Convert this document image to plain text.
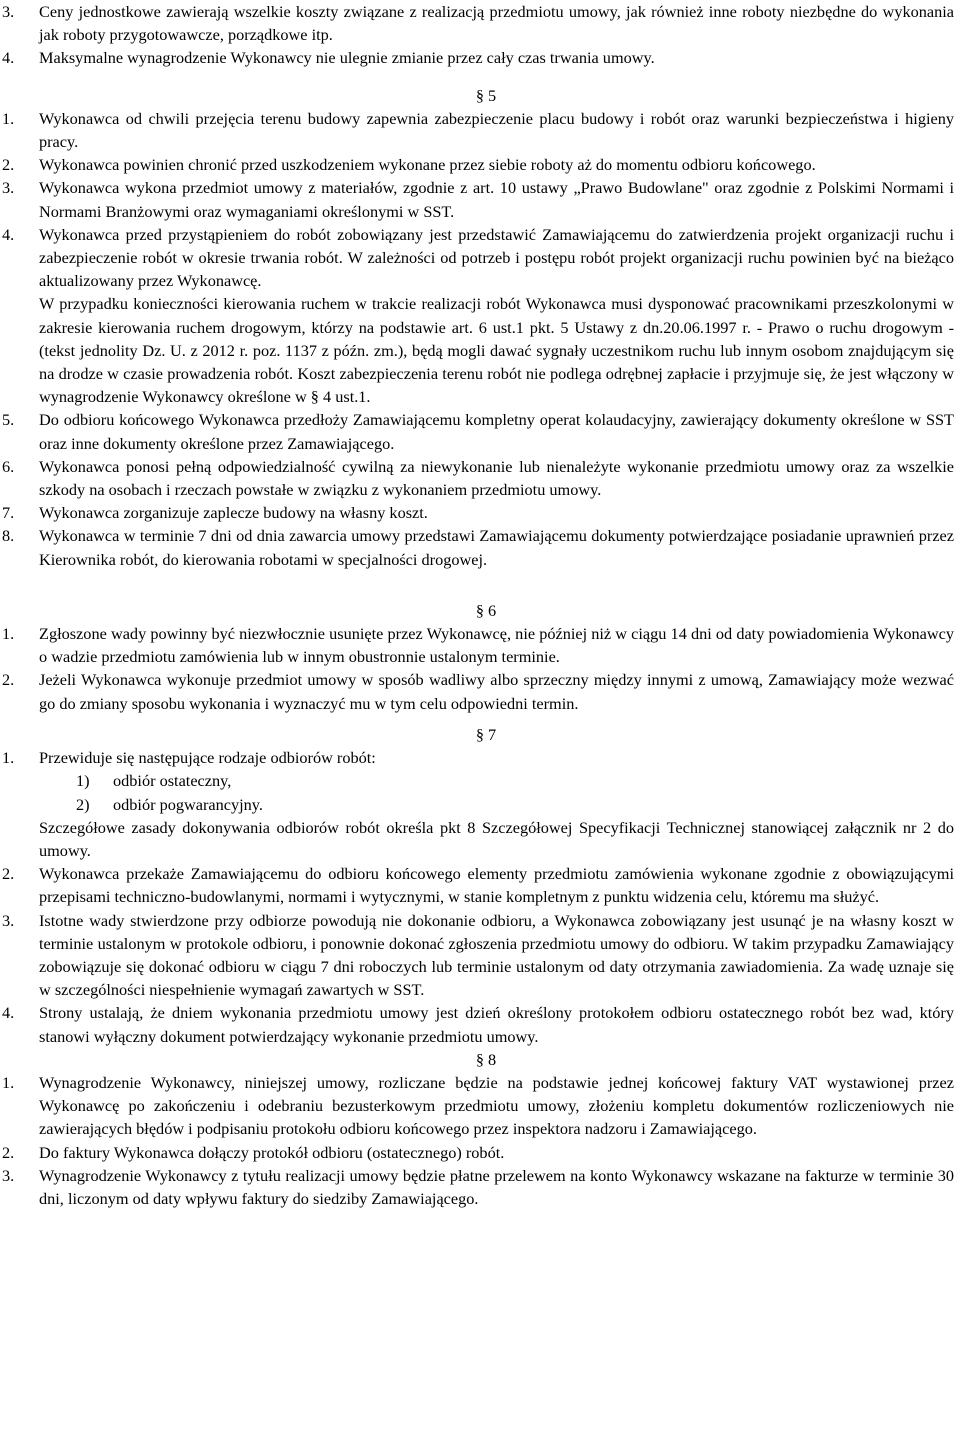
3. Ceny jednostkowe zawierają wszelkie koszty związane z realizacją przedmiotu umowy, jak również inne roboty niezbędne do wykonania jak roboty przygotowawcze, porządkowe itp.
4. Maksymalne wynagrodzenie Wykonawcy nie ulegnie zmianie przez cały czas trwania umowy.
§ 5
1. Wykonawca od chwili przejęcia terenu budowy zapewnia zabezpieczenie placu budowy i robót oraz warunki bezpieczeństwa i higieny pracy.
2. Wykonawca powinien chronić przed uszkodzeniem wykonane przez siebie roboty aż do momentu odbioru końcowego.
3. Wykonawca wykona przedmiot umowy z materiałów, zgodnie z art. 10 ustawy „Prawo Budowlane" oraz zgodnie z Polskimi Normami i Normami Branżowymi oraz wymaganiami określonymi w SST.
4. Wykonawca przed przystąpieniem do robót zobowiązany jest przedstawić Zamawiającemu do zatwierdzenia projekt organizacji ruchu i zabezpieczenie robót w okresie trwania robót. W zależności od potrzeb i postępu robót projekt organizacji ruchu powinien być na bieżąco aktualizowany przez Wykonawcę.
W przypadku konieczności kierowania ruchem w trakcie realizacji robót Wykonawca musi dysponować pracownikami przeszkolonymi w zakresie kierowania ruchem drogowym, którzy na podstawie art. 6 ust.1 pkt. 5 Ustawy z dn.20.06.1997 r. - Prawo o ruchu drogowym - (tekst jednolity Dz. U. z 2012 r. poz. 1137 z późn. zm.), będą mogli dawać sygnały uczestnikom ruchu lub innym osobom znajdującym się na drodze w czasie prowadzenia robót. Koszt zabezpieczenia terenu robót nie podlega odrębnej zapłacie i przyjmuje się, że jest włączony w wynagrodzenie Wykonawcy określone w § 4 ust.1.
5. Do odbioru końcowego Wykonawca przedłoży Zamawiającemu kompletny operat kolaudacyjny, zawierający dokumenty określone w SST oraz inne dokumenty określone przez Zamawiającego.
6. Wykonawca ponosi pełną odpowiedzialność cywilną za niewykonanie lub nienależyte wykonanie przedmiotu umowy oraz za wszelkie szkody na osobach i rzeczach powstałe w związku z wykonaniem przedmiotu umowy.
7. Wykonawca zorganizuje zaplecze budowy na własny koszt.
8. Wykonawca w terminie 7 dni od dnia zawarcia umowy przedstawi Zamawiającemu dokumenty potwierdzające posiadanie uprawnień przez Kierownika robót, do kierowania robotami w specjalności drogowej.
§ 6
1. Zgłoszone wady powinny być niezwłocznie usunięte przez Wykonawcę, nie później niż w ciągu 14 dni od daty powiadomienia Wykonawcy o wadzie przedmiotu zamówienia lub w innym obustronnie ustalonym terminie.
2. Jeżeli Wykonawca wykonuje przedmiot umowy w sposób wadliwy albo sprzeczny między innymi z umową, Zamawiający może wezwać go do zmiany sposobu wykonania i wyznaczyć mu w tym celu odpowiedni termin.
§ 7
1. Przewiduje się następujące rodzaje odbiorów robót:
1) odbiór ostateczny,
2) odbiór pogwarancyjny.
Szczegółowe zasady dokonywania odbiorów robót określa pkt 8 Szczegółowej Specyfikacji Technicznej stanowiącej załącznik nr 2 do umowy.
2. Wykonawca przekaże Zamawiającemu do odbioru końcowego elementy przedmiotu zamówienia wykonane zgodnie z obowiązującymi przepisami techniczno-budowlanymi, normami i wytycznymi, w stanie kompletnym z punktu widzenia celu, któremu ma służyć.
3. Istotne wady stwierdzone przy odbiorze powodują nie dokonanie odbioru, a Wykonawca zobowiązany jest usunąć je na własny koszt w terminie ustalonym w protokole odbioru, i ponownie dokonać zgłoszenia przedmiotu umowy do odbioru. W takim przypadku Zamawiający zobowiązuje się dokonać odbioru w ciągu 7 dni roboczych lub terminie ustalonym od daty otrzymania zawiadomienia. Za wadę uznaje się w szczególności niespełnienie wymagań zawartych w SST.
4. Strony ustalają, że dniem wykonania przedmiotu umowy jest dzień określony protokołem odbioru ostatecznego robót bez wad, który stanowi wyłączny dokument potwierdzający wykonanie przedmiotu umowy.
§ 8
1. Wynagrodzenie Wykonawcy, niniejszej umowy, rozliczane będzie na podstawie jednej końcowej faktury VAT wystawionej przez Wykonawcę po zakończeniu i odebraniu bezusterkowym przedmiotu umowy, złożeniu kompletu dokumentów rozliczeniowych nie zawierających błędów i podpisaniu protokołu odbioru końcowego przez inspektora nadzoru i Zamawiającego.
2. Do faktury Wykonawca dołączy protokół odbioru (ostatecznego) robót.
3. Wynagrodzenie Wykonawcy z tytułu realizacji umowy będzie płatne przelewem na konto Wykonawcy wskazane na fakturze w terminie 30 dni, liczonym od daty wpływu faktury do siedziby Zamawiającego.
